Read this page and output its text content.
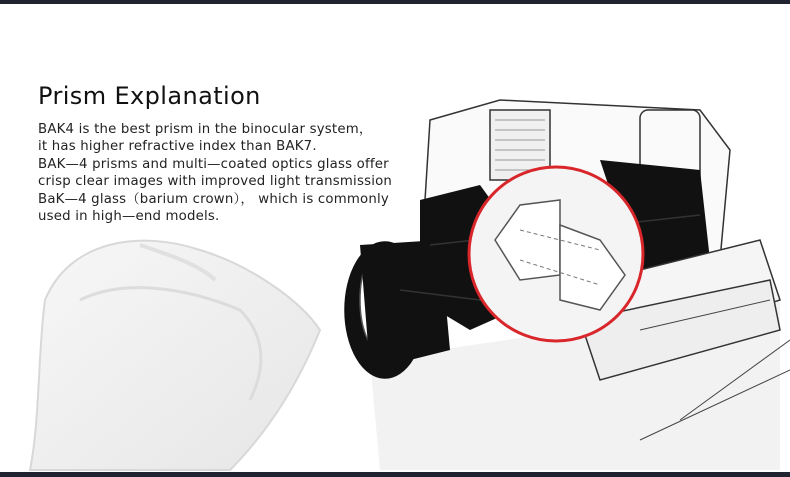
Prism Explanation
BAK4 is the best prism in the binocular system，
it has higher refractive index than BAK7.
BAK—4 prisms and multi—coated optics glass offer
crisp clear images with improved light transmission
BaK—4 glass（barium crown）， which is commonly
used in high—end models.
